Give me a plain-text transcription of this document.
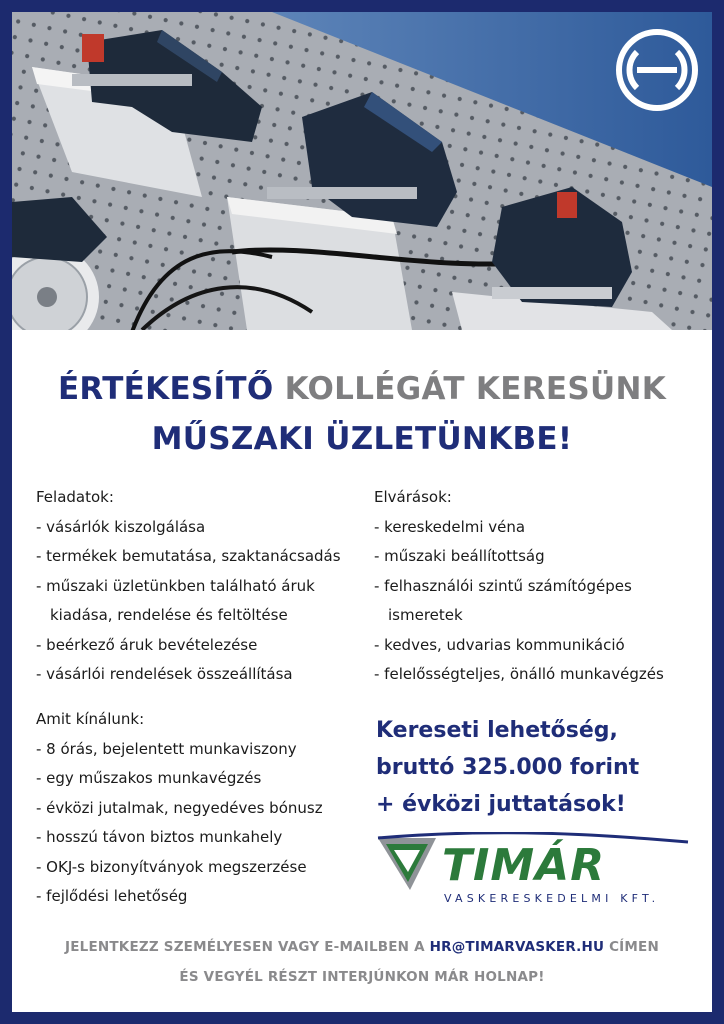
ÉRTÉKESÍTŐ KOLLÉGÁT KERESÜNK
MŰSZAKI ÜZLETÜNKBE!
Feladatok:
- vásárlók kiszolgálása
- termékek bemutatása, szaktanácsadás
- műszaki üzletünkben található áruk
kiadása, rendelése és feltöltése
- beérkező áruk bevételezése
- vásárlói rendelések összeállítása
Elvárások:
- kereskedelmi véna
- műszaki beállítottság
- felhasználói szintű számítógépes
ismeretek
- kedves, udvarias kommunikáció
- felelősségteljes, önálló munkavégzés
Amit kínálunk:
- 8 órás, bejelentett munkaviszony
- egy műszakos munkavégzés
- évközi jutalmak, negyedéves bónusz
- hosszú távon biztos munkahely
- OKJ-s bizonyítványok megszerzése
- fejlődési lehetőség
Kereseti lehetőség,
bruttó 325.000 forint
+ évközi juttatások!
TIMÁR
VASKERESKEDELMI KFT.
JELENTKEZZ SZEMÉLYESEN VAGY E-MAILBEN A HR@TIMARVASKER.HU CÍMEN
ÉS VEGYÉL RÉSZT INTERJÚNKON MÁR HOLNAP!
